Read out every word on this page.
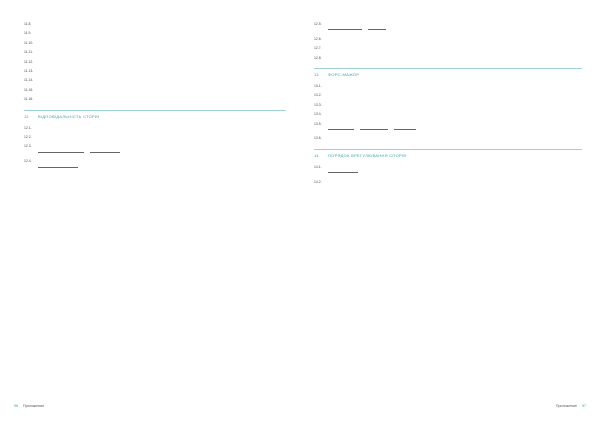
11.8.
11.9.
11.10.
11.11.
11.12.
11.13.
11.14.
11.15.
11.16.
12.	ВІДПОВІДАЛЬНІСТЬ СТОРІН
12.1.
12.2.
12.3.
12.4.
96 Приложение
12.5.
12.6.
12.7.
12.8.
13.	ФОРС-МАЖОР
13.1.
13.2.
13.3.
13.4.
13.5.
13.6.
14.	ПОРЯДОК ВРЕГУЛЮВАННЯ СПОРІВ
14.1.
14.2.
Приложение 97
